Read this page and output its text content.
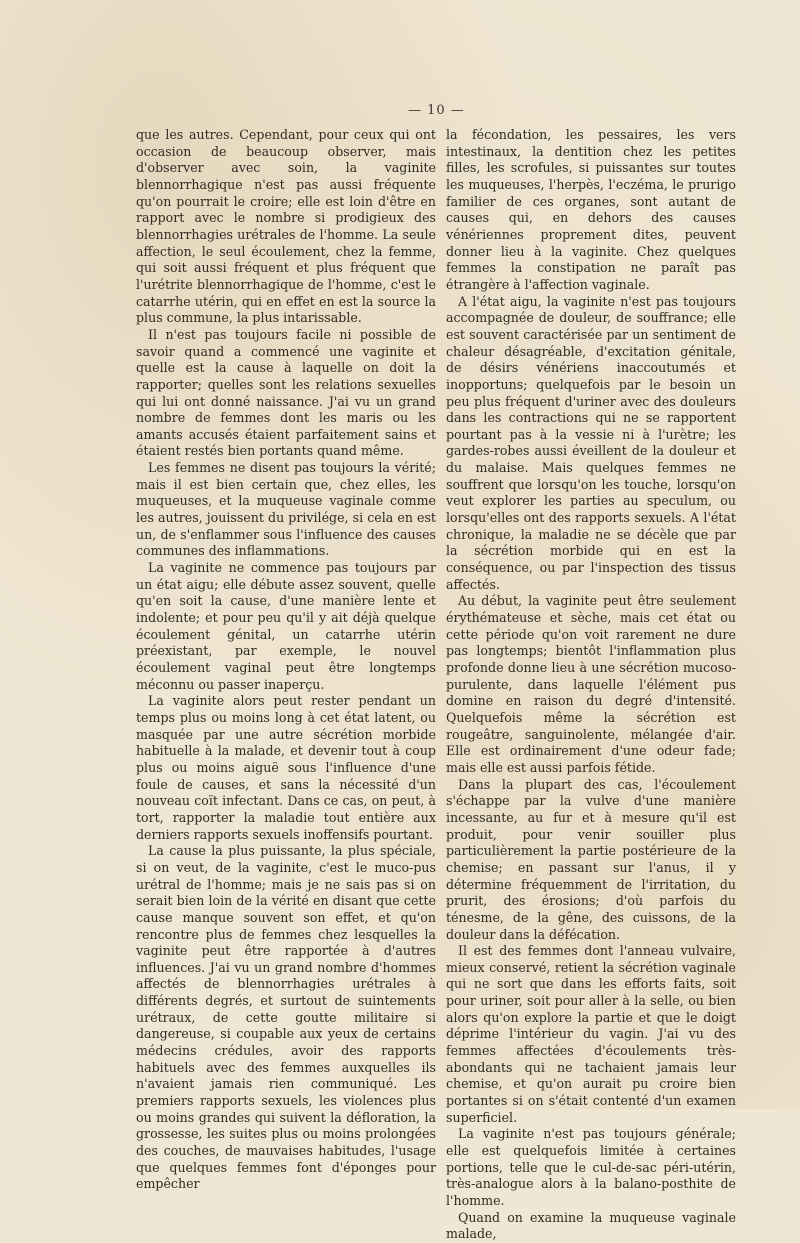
— 10 —

que les autres. Cependant, pour ceux qui ont occasion de beaucoup observer, mais d'observer avec soin, la vaginite blennorrhagique n'est pas aussi fréquente qu'on pourrait le croire; elle est loin d'être en rapport avec le nombre si prodigieux des blennorrhagies urétrales de l'homme. La seule affection, le seul écoulement, chez la femme, qui soit aussi fréquent et plus fréquent que l'urétrite blennorrhagique de l'homme, c'est le catarrhe utérin, qui en effet en est la source la plus commune, la plus intarissable.

Il n'est pas toujours facile ni possible de savoir quand a commencé une vaginite et quelle est la cause à laquelle on doit la rapporter; quelles sont les relations sexuelles qui lui ont donné naissance. J'ai vu un grand nombre de femmes dont les maris ou les amants accusés étaient parfaitement sains et étaient restés bien portants quand même.

Les femmes ne disent pas toujours la vérité; mais il est bien certain que, chez elles, les muqueuses, et la muqueuse vaginale comme les autres, jouissent du privilége, si cela en est un, de s'enflammer sous l'influence des causes communes des inflammations.

La vaginite ne commence pas toujours par un état aigu; elle débute assez souvent, quelle qu'en soit la cause, d'une manière lente et indolente; et pour peu qu'il y ait déjà quelque écoulement génital, un catarrhe utérin préexistant, par exemple, le nouvel écoulement vaginal peut être longtemps méconnu ou passer inaperçu.

La vaginite alors peut rester pendant un temps plus ou moins long à cet état latent, ou masquée par une autre sécrétion morbide habituelle à la malade, et devenir tout à coup plus ou moins aiguë sous l'influence d'une foule de causes, et sans la nécessité d'un nouveau coït infectant. Dans ce cas, on peut, à tort, rapporter la maladie tout entière aux derniers rapports sexuels inoffensifs pourtant.

La cause la plus puissante, la plus spéciale, si on veut, de la vaginite, c'est le muco-pus urétral de l'homme; mais je ne sais pas si on serait bien loin de la vérité en disant que cette cause manque souvent son effet, et qu'on rencontre plus de femmes chez lesquelles la vaginite peut être rapportée à d'autres influences. J'ai vu un grand nombre d'hommes affectés de blennorrhagies urétrales à différents degrés, et surtout de suintements urétraux, de cette goutte militaire si dangereuse, si coupable aux yeux de certains médecins crédules, avoir des rapports habituels avec des femmes auxquelles ils n'avaient jamais rien communiqué. Les premiers rapports sexuels, les violences plus ou moins grandes qui suivent la défloration, la grossesse, les suites plus ou moins prolongées des couches, de mauvaises habitudes, l'usage que quelques femmes font d'éponges pour empêcher

la fécondation, les pessaires, les vers intestinaux, la dentition chez les petites filles, les scrofules, si puissantes sur toutes les muqueuses, l'herpès, l'eczéma, le prurigo familier de ces organes, sont autant de causes qui, en dehors des causes vénériennes proprement dites, peuvent donner lieu à la vaginite. Chez quelques femmes la constipation ne paraît pas étrangère à l'affection vaginale.

A l'état aigu, la vaginite n'est pas toujours accompagnée de douleur, de souffrance; elle est souvent caractérisée par un sentiment de chaleur désagréable, d'excitation génitale, de désirs vénériens inaccoutumés et inopportuns; quelquefois par le besoin un peu plus fréquent d'uriner avec des douleurs dans les contractions qui ne se rapportent pourtant pas à la vessie ni à l'urètre; les gardes-robes aussi éveillent de la douleur et du malaise. Mais quelques femmes ne souffrent que lorsqu'on les touche, lorsqu'on veut explorer les parties au speculum, ou lorsqu'elles ont des rapports sexuels. A l'état chronique, la maladie ne se décèle que par la sécrétion morbide qui en est la conséquence, ou par l'inspection des tissus affectés.

Au début, la vaginite peut être seulement érythémateuse et sèche, mais cet état ou cette période qu'on voit rarement ne dure pas longtemps; bientôt l'inflammation plus profonde donne lieu à une sécrétion mucoso-purulente, dans laquelle l'élément pus domine en raison du degré d'intensité. Quelquefois même la sécrétion est rougeâtre, sanguinolente, mélangée d'air. Elle est ordinairement d'une odeur fade; mais elle est aussi parfois fétide.

Dans la plupart des cas, l'écoulement s'échappe par la vulve d'une manière incessante, au fur et à mesure qu'il est produit, pour venir souiller plus particulièrement la partie postérieure de la chemise; en passant sur l'anus, il y détermine fréquemment de l'irritation, du prurit, des érosions; d'où parfois du ténesme, de la gêne, des cuissons, de la douleur dans la défécation.

Il est des femmes dont l'anneau vulvaire, mieux conservé, retient la sécrétion vaginale qui ne sort que dans les efforts faits, soit pour uriner, soit pour aller à la selle, ou bien alors qu'on explore la partie et que le doigt déprime l'intérieur du vagin. J'ai vu des femmes affectées d'écoulements très-abondants qui ne tachaient jamais leur chemise, et qu'on aurait pu croire bien portantes si on s'était contenté d'un examen superficiel.

La vaginite n'est pas toujours générale; elle est quelquefois limitée à certaines portions, telle que le cul-de-sac péri-utérin, très-analogue alors à la balano-posthite de l'homme.

Quand on examine la muqueuse vaginale malade,
